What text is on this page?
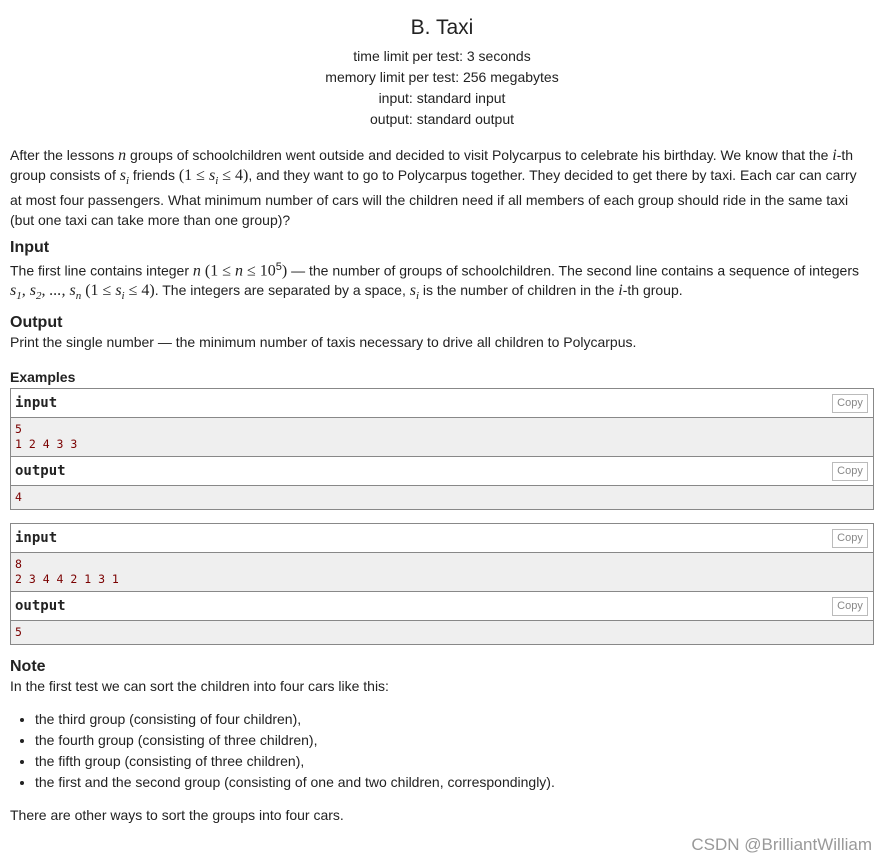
B. Taxi
time limit per test: 3 seconds
memory limit per test: 256 megabytes
input: standard input
output: standard output

After the lessons n groups of schoolchildren went outside and decided to visit Polycarpus to celebrate his birthday. We know that the i-th group consists of $s_i$ friends $(1 \le s_i \le 4)$, and they want to go to Polycarpus together. They decided to get there by taxi. Each car can carry at most four passengers. What minimum number of cars will the children need if all members of each group should ride in the same taxi (but one taxi can take more than one group)?

Input

The first line contains integer n $(1 \le n \le 10^5)$ — the number of groups of schoolchildren. The second line contains a sequence of integers $s_1$, $s_2$, ..., $s_n$ $(1 \le s_i \le 4)$. The integers are separated by a space, $s_i$ is the number of children in the i-th group.

Output

Print the single number — the minimum number of taxis necessary to drive all children to Polycarpus.

Examples
input	Copy
5
1 2 4 3 3
output	Copy
4
input	Copy
8
2 3 4 4 2 1 3 1
output	Copy
5
Note

In the first test we can sort the children into four cars like this:

• the third group (consisting of four children),
• the fourth group (consisting of three children),
• the fifth group (consisting of three children),
• the first and the second group (consisting of one and two children, correspondingly).

There are other ways to sort the groups into four cars.

CSDN @BrilliantWilliam
